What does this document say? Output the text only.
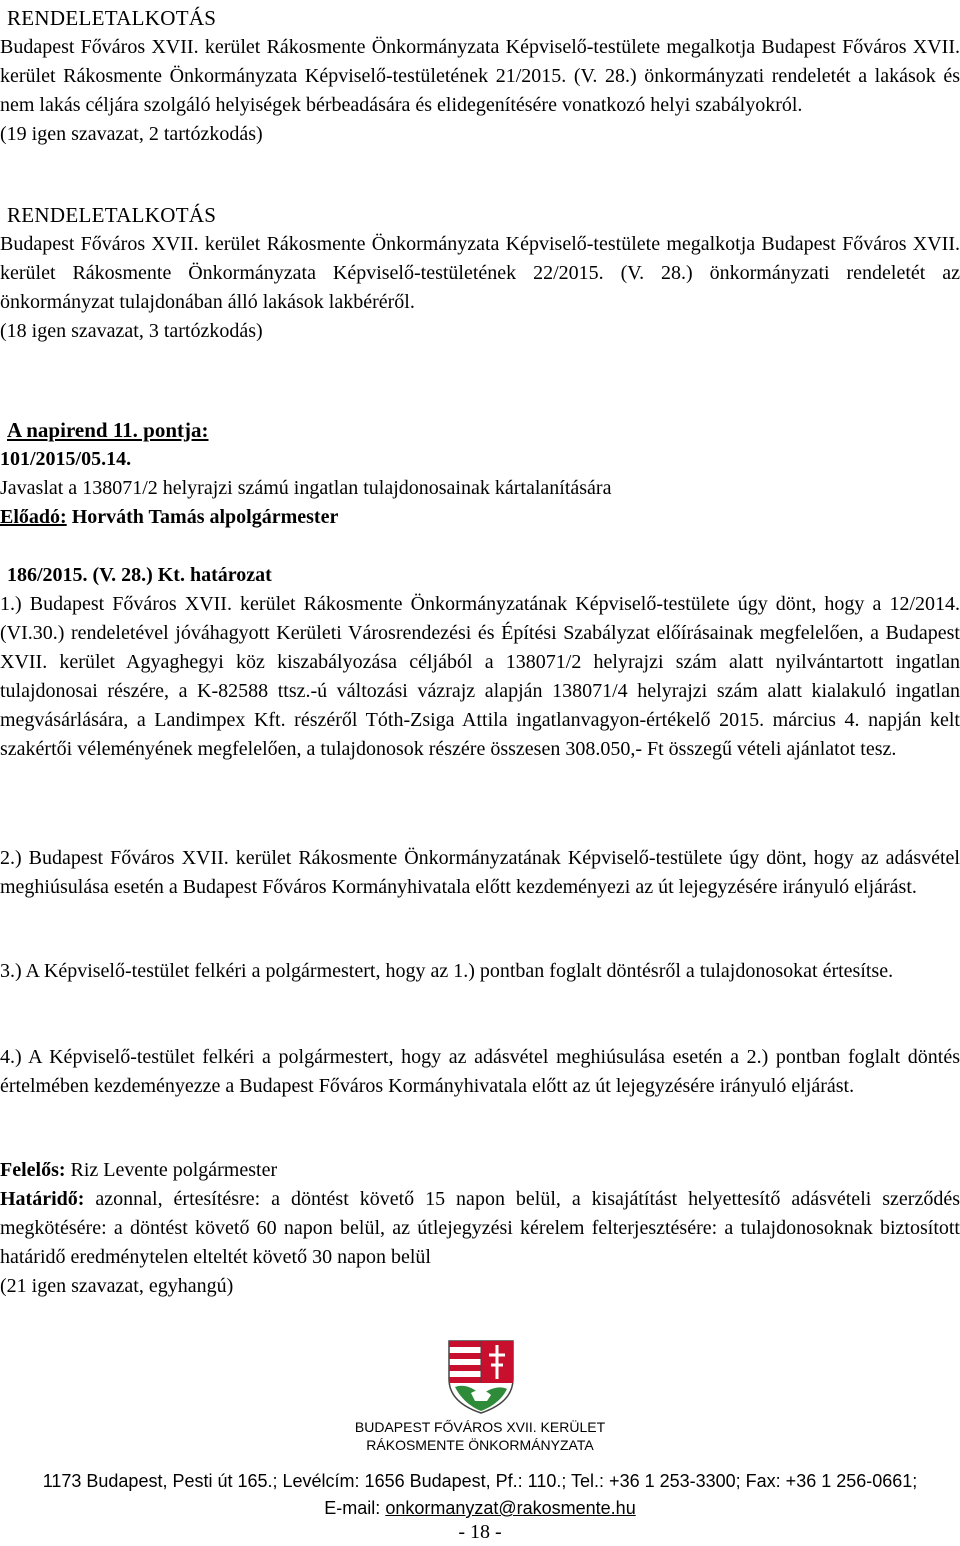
RENDELETALKOTÁS
Budapest Főváros XVII. kerület Rákosmente Önkormányzata Képviselő-testülete megalkotja Budapest Főváros XVII. kerület Rákosmente Önkormányzata Képviselő-testületének 21/2015. (V. 28.) önkormányzati rendeletét a lakások és nem lakás céljára szolgáló helyiségek bérbeadására és elidegenítésére vonatkozó helyi szabályokról.
(19 igen szavazat, 2 tartózkodás)
RENDELETALKOTÁS
Budapest Főváros XVII. kerület Rákosmente Önkormányzata Képviselő-testülete megalkotja Budapest Főváros XVII. kerület Rákosmente Önkormányzata Képviselő-testületének 22/2015. (V. 28.) önkormányzati rendeletét az önkormányzat tulajdonában álló lakások lakbéréről.
(18 igen szavazat, 3 tartózkodás)
A napirend 11. pontja:
101/2015/05.14.
Javaslat a 138071/2 helyrajzi számú ingatlan tulajdonosainak kártalanítására
Előadó: Horváth Tamás alpolgármester
186/2015. (V. 28.) Kt. határozat
1.) Budapest Főváros XVII. kerület Rákosmente Önkormányzatának Képviselő-testülete úgy dönt, hogy a 12/2014. (VI.30.) rendeletével jóváhagyott Kerületi Városrendezési és Építési Szabályzat előírásainak megfelelően, a Budapest XVII. kerület Agyaghegyi köz kiszabályozása céljából a 138071/2 helyrajzi szám alatt nyilvántartott ingatlan tulajdonosai részére, a K-82588 ttsz.-ú változási vázrajz alapján 138071/4 helyrajzi szám alatt kialakuló ingatlan megvásárlására, a Landimpex Kft. részéről Tóth-Zsiga Attila ingatlanvagyon-értékelő 2015. március 4. napján kelt szakértői véleményének megfelelően, a tulajdonosok részére összesen 308.050,- Ft összegű vételi ajánlatot tesz.
2.) Budapest Főváros XVII. kerület Rákosmente Önkormányzatának Képviselő-testülete úgy dönt, hogy az adásvétel meghiúsulása esetén a Budapest Főváros Kormányhivatala előtt kezdeményezi az út lejegyzésére irányuló eljárást.
3.) A Képviselő-testület felkéri a polgármestert, hogy az 1.) pontban foglalt döntésről a tulajdonosokat értesítse.
4.) A Képviselő-testület felkéri a polgármestert, hogy az adásvétel meghiúsulása esetén a 2.) pontban foglalt döntés értelmében kezdeményezze a Budapest Főváros Kormányhivatala előtt az út lejegyzésére irányuló eljárást.
Felelős: Riz Levente polgármester
Határidő: azonnal, értesítésre: a döntést követő 15 napon belül, a kisajátítást helyettesítő adásvételi szerződés megkötésére: a döntést követő 60 napon belül, az útlejegyzési kérelem felterjesztésére: a tulajdonosoknak biztosított határidő eredménytelen elteltét követő 30 napon belül
(21 igen szavazat, egyhangú)
BUDAPEST FŐVÁROS XVII. KERÜLET
RÁKOSMENTE ÖNKORMÁNYZATA
1173 Budapest, Pesti út 165.; Levélcím: 1656 Budapest, Pf.: 110.; Tel.: +36 1 253-3300; Fax: +36 1 256-0661;
E-mail: onkormanyzat@rakosmente.hu
- 18 -
